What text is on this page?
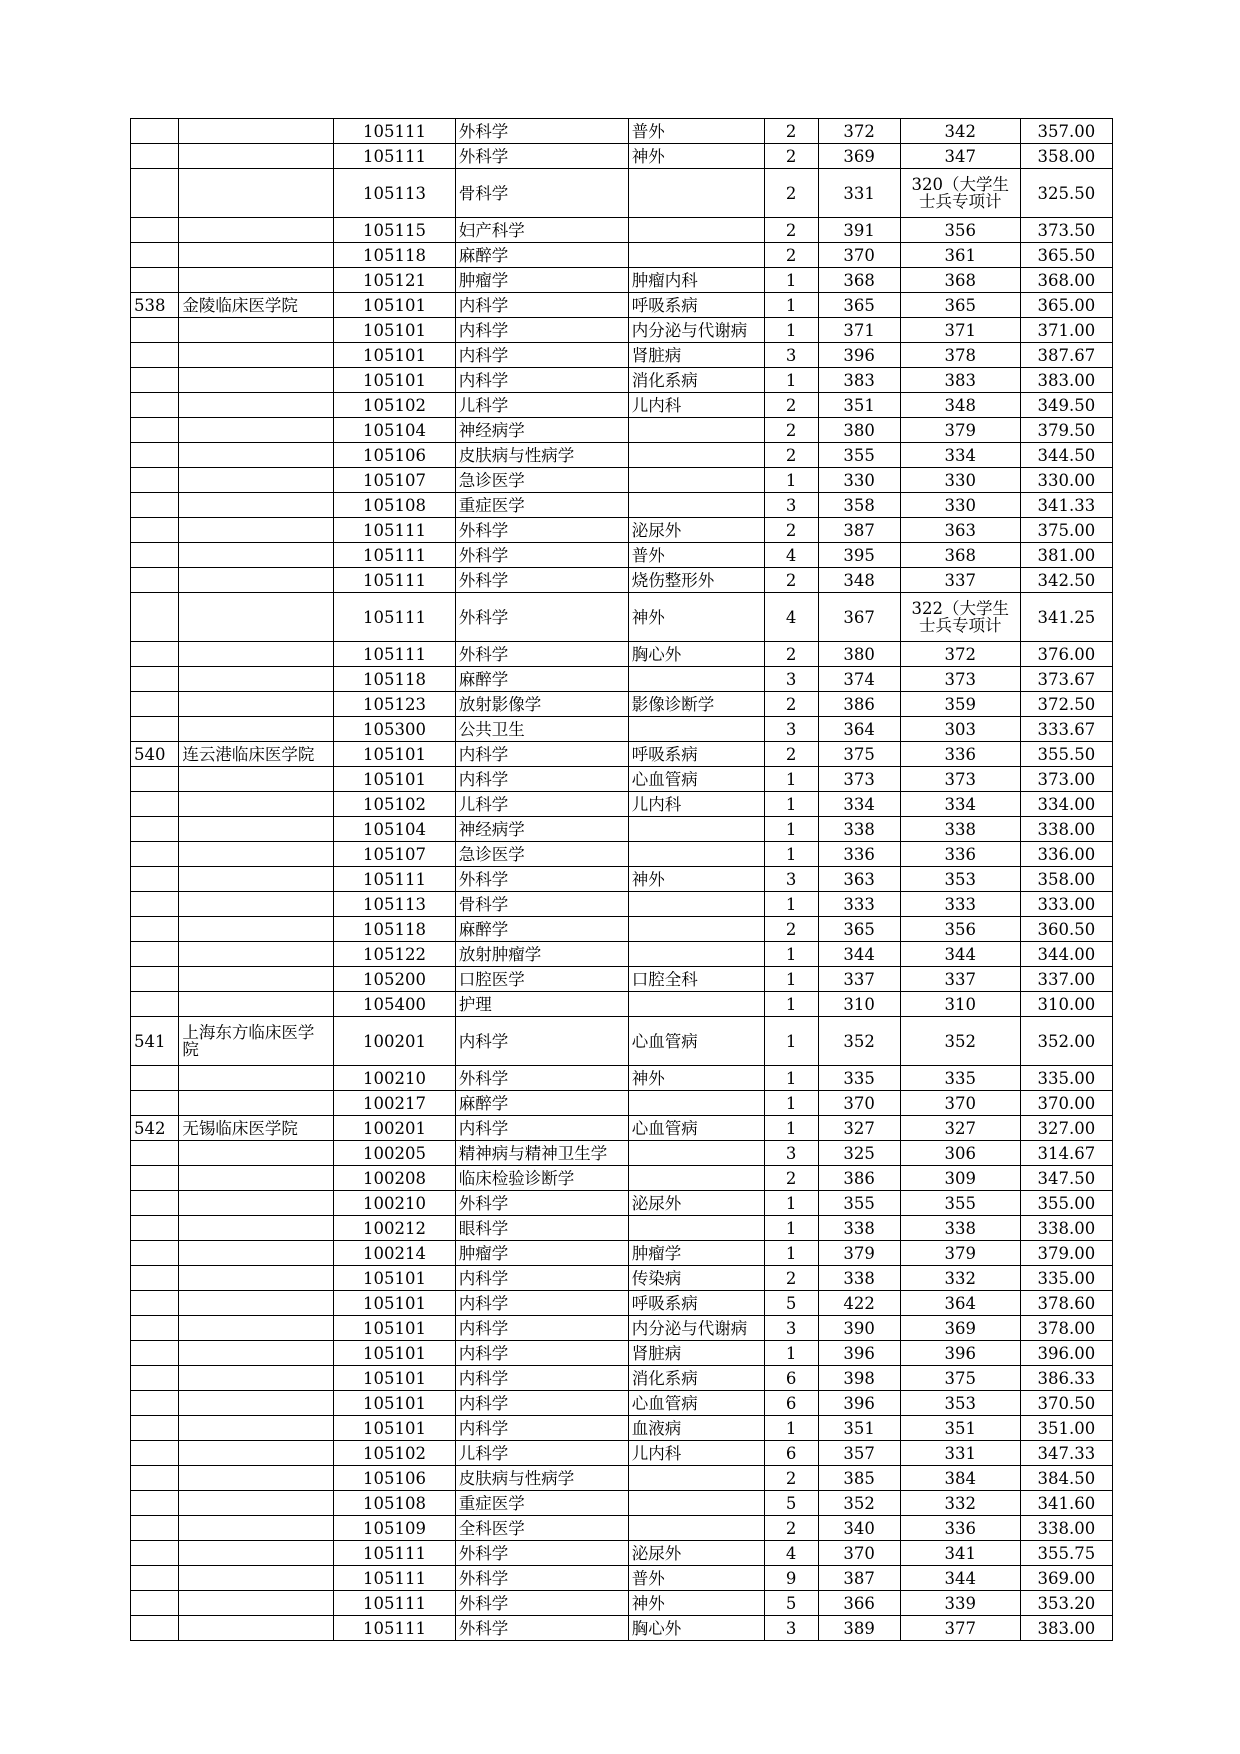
		105111	外科学	普外	2	372	342	357.00
		105111	外科学	神外	2	369	347	358.00
		105113	骨科学		2	331	320（大学生士兵专项计	325.50
		105115	妇产科学		2	391	356	373.50
		105118	麻醉学		2	370	361	365.50
		105121	肿瘤学	肿瘤内科	1	368	368	368.00
538	金陵临床医学院	105101	内科学	呼吸系病	1	365	365	365.00
		105101	内科学	内分泌与代谢病	1	371	371	371.00
		105101	内科学	肾脏病	3	396	378	387.67
		105101	内科学	消化系病	1	383	383	383.00
		105102	儿科学	儿内科	2	351	348	349.50
		105104	神经病学		2	380	379	379.50
		105106	皮肤病与性病学		2	355	334	344.50
		105107	急诊医学		1	330	330	330.00
		105108	重症医学		3	358	330	341.33
		105111	外科学	泌尿外	2	387	363	375.00
		105111	外科学	普外	4	395	368	381.00
		105111	外科学	烧伤整形外	2	348	337	342.50
		105111	外科学	神外	4	367	322（大学生士兵专项计	341.25
		105111	外科学	胸心外	2	380	372	376.00
		105118	麻醉学		3	374	373	373.67
		105123	放射影像学	影像诊断学	2	386	359	372.50
		105300	公共卫生		3	364	303	333.67
540	连云港临床医学院	105101	内科学	呼吸系病	2	375	336	355.50
		105101	内科学	心血管病	1	373	373	373.00
		105102	儿科学	儿内科	1	334	334	334.00
		105104	神经病学		1	338	338	338.00
		105107	急诊医学		1	336	336	336.00
		105111	外科学	神外	3	363	353	358.00
		105113	骨科学		1	333	333	333.00
		105118	麻醉学		2	365	356	360.50
		105122	放射肿瘤学		1	344	344	344.00
		105200	口腔医学	口腔全科	1	337	337	337.00
		105400	护理		1	310	310	310.00
541	上海东方临床医学院	100201	内科学	心血管病	1	352	352	352.00
		100210	外科学	神外	1	335	335	335.00
		100217	麻醉学		1	370	370	370.00
542	无锡临床医学院	100201	内科学	心血管病	1	327	327	327.00
		100205	精神病与精神卫生学		3	325	306	314.67
		100208	临床检验诊断学		2	386	309	347.50
		100210	外科学	泌尿外	1	355	355	355.00
		100212	眼科学		1	338	338	338.00
		100214	肿瘤学	肿瘤学	1	379	379	379.00
		105101	内科学	传染病	2	338	332	335.00
		105101	内科学	呼吸系病	5	422	364	378.60
		105101	内科学	内分泌与代谢病	3	390	369	378.00
		105101	内科学	肾脏病	1	396	396	396.00
		105101	内科学	消化系病	6	398	375	386.33
		105101	内科学	心血管病	6	396	353	370.50
		105101	内科学	血液病	1	351	351	351.00
		105102	儿科学	儿内科	6	357	331	347.33
		105106	皮肤病与性病学		2	385	384	384.50
		105108	重症医学		5	352	332	341.60
		105109	全科医学		2	340	336	338.00
		105111	外科学	泌尿外	4	370	341	355.75
		105111	外科学	普外	9	387	344	369.00
		105111	外科学	神外	5	366	339	353.20
		105111	外科学	胸心外	3	389	377	383.00
